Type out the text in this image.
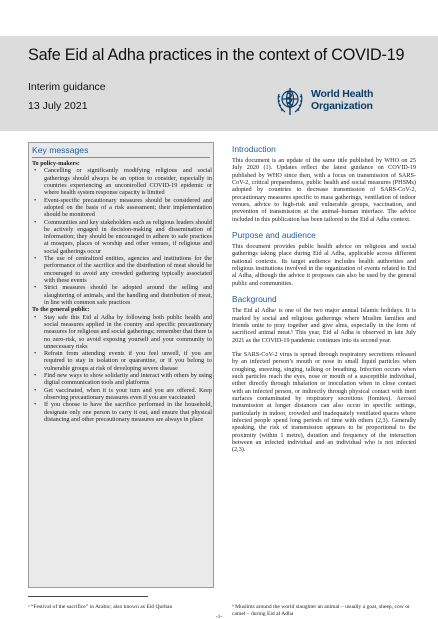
Safe Eid al Adha practices in the context of COVID-19
Interim guidance
13 July 2021
World Health
Organization
Key messages
To policy-makers:
• Cancelling or significantly modifying religious and social gatherings should always be an option to consider, especially in countries experiencing an uncontrolled COVID-19 epidemic or where health system response capacity is limited
• Event-specific precautionary measures should be considered and adopted on the basis of a risk assessment; their implementation should be monitored
• Communities and key stakeholders such as religious leaders should be actively engaged in decision-making and dissemination of information; they should be encouraged to adhere to safe practices at mosques, places of worship and other venues, if religious and social gatherings occur
• The use of centralized entities, agencies and institutions for the performance of the sacrifice and the distribution of meat should be encouraged to avoid any crowded gathering typically associated with these events
• Strict measures should be adopted around the selling and slaughtering of animals, and the handling and distribution of meat, in line with common safe practices
To the general public:
• Stay safe this Eid al Adha by following both public health and social measures applied in the country and specific precautionary measures for religious and social gatherings; remember that there is no zero-risk, so avoid exposing yourself and your community to unnecessary risks
• Refrain from attending events if you feel unwell, if you are required to stay in isolation or quarantine, or if you belong to vulnerable groups at risk of developing severe disease
• Find new ways to show solidarity and interact with others by using digital communication tools and platforms
• Get vaccinated, when it is your turn and you are offered. Keep observing precautionary measures even if you are vaccinated
• If you choose to have the sacrifice performed in the household, designate only one person to carry it out, and ensure that physical distancing and other precautionary measures are always in place
Introduction

This document is an update of the same title published by WHO on 25 July 2020 (1). Updates reflect the latest guidance on COVID-19 published by WHO since then, with a focus on transmission of SARS-CoV-2, critical preparedness, public health and social measures (PHSMs) adopted by countries to decrease transmission of SARS-CoV-2, precautionary measures specific to mass gatherings, ventilation of indoor venues, advice to high-risk and vulnerable groups, vaccination, and prevention of transmission at the animal–human interface. The advice included in this publication has been tailored to the Eid al Adha context.

Purpose and audience

This document provides public health advice on religious and social gatherings taking place during Eid al Adha, applicable across different national contexts. Its target audience includes health authorities and religious institutions involved in the organization of events related to Eid al Adha, although the advice it proposes can also be used by the general public and communities.

Background

The Eid al Adhaᵃ is one of the two major annual Islamic holidays. It is marked by social and religious gatherings where Muslim families and friends unite to pray together and give alms, especially in the form of sacrificed animal meat.ᵇ This year, Eid al Adha is observed in late July 2021 as the COVID-19 pandemic continues into its second year.

The SARS-CoV-2 virus is spread through respiratory secretions released by an infected person’s mouth or nose in small liquid particles when coughing, sneezing, singing, talking or breathing. Infection occurs when such particles reach the eyes, nose or mouth of a susceptible individual, either directly through inhalation or inoculation when in close contact with an infected person, or indirectly through physical contact with inert surfaces contaminated by respiratory secretions (fomites). Aerosol transmission at longer distances can also occur in specific settings, particularly in indoor, crowded and inadequately ventilated spaces where infected people spend long periods of time with others (2,3). Generally speaking, the risk of transmission appears to be proportional to the proximity (within 1 metre), duration and frequency of the interaction between an infected individual and an individual who is not infected (2,3).

ᵃ “Festival of the sacrifice” in Arabic; also known as Eid Qurban	ᵇ Muslims around the world slaughter an animal – usually a goat, sheep, cow or camel – during Eid al Adha
-1-
